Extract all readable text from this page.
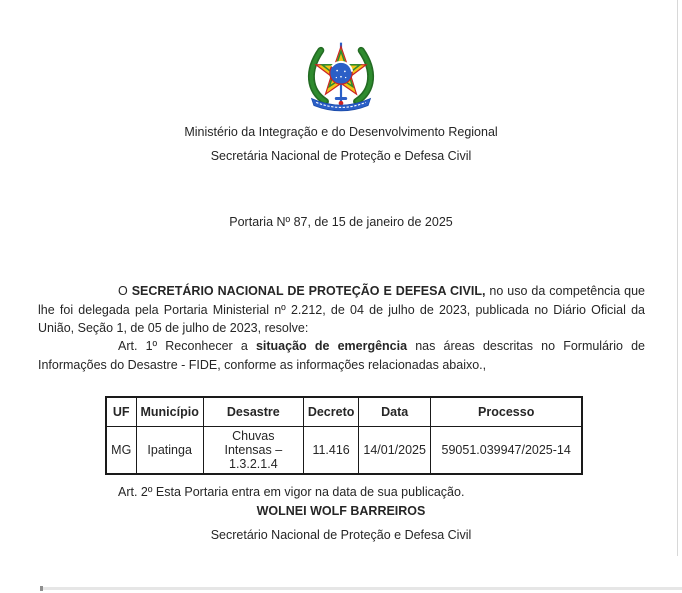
Ministério da Integração e do Desenvolvimento Regional
Secretária Nacional de Proteção e Defesa Civil
Portaria Nº 87, de 15 de janeiro de 2025
O SECRETÁRIO NACIONAL DE PROTEÇÃO E DEFESA CIVIL, no uso da competência que lhe foi delegada pela Portaria Ministerial nº 2.212, de 04 de julho de 2023, publicada no Diário Oficial da União, Seção 1, de 05 de julho de 2023, resolve:
Art. 1º Reconhecer a situação de emergência nas áreas descritas no Formulário de Informações do Desastre - FIDE, conforme as informações relacionadas abaixo.,
UF	Município	Desastre	Decreto	Data	Processo
MG	Ipatinga	Chuvas Intensas – 1.3.2.1.4	11.416	14/01/2025	59051.039947/2025-14
Art. 2º Esta Portaria entra em vigor na data de sua publicação.
WOLNEI WOLF BARREIROS
Secretário Nacional de Proteção e Defesa Civil
